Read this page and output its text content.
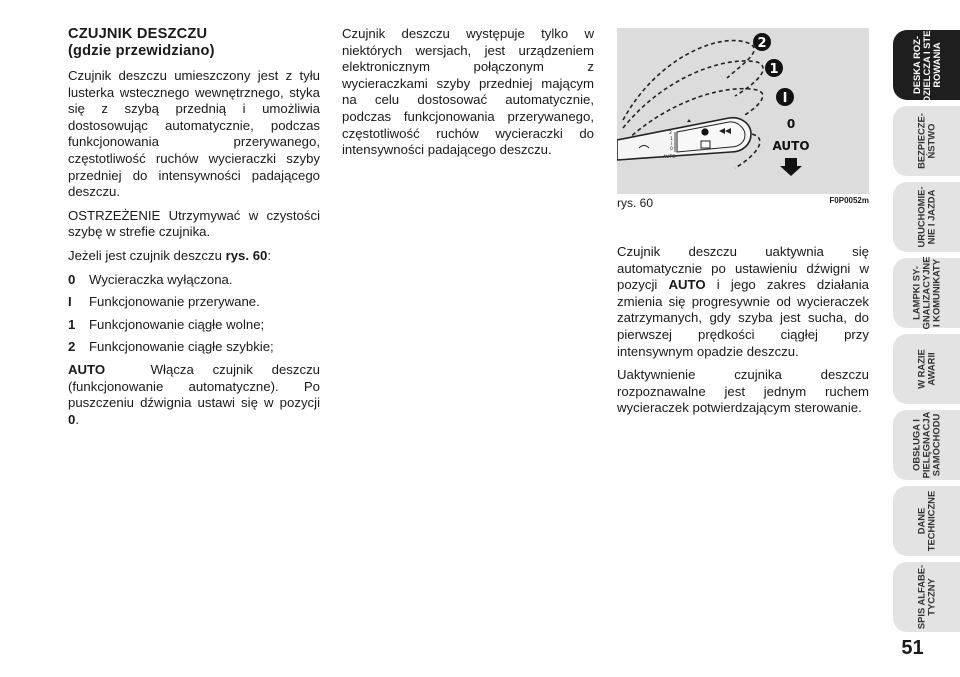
CZUJNIK DESZCZU
(gdzie przewidziano)

Czujnik deszczu umieszczony jest z tyłu lusterka wstecznego wewnętrznego, styka się z szybą przednią i umożliwia dostosowując automatycznie, podczas funkcjonowania przerywanego, częstotliwość ruchów wycieraczki szyby przedniej do intensywności padającego deszczu.

OSTRZEŻENIE Utrzymywać w czystości szybę w strefie czujnika.

Jeżeli jest czujnik deszczu rys. 60:

0	Wycieraczka wyłączona.
I	Funkcjonowanie przerywane.
1	Funkcjonowanie ciągłe wolne;
2	Funkcjonowanie ciągłe szybkie;
AUTO	Włącza czujnik deszczu (funkcjonowanie automatyczne). Po puszczeniu dźwignia ustawi się w pozycji 0.

Czujnik deszczu występuje tylko w niektórych wersjach, jest urządzeniem elektronicznym połączonym z wycieraczkami szyby przedniej mającym na celu dostosować automatycznie, podczas funkcjonowania przerywanego, częstotliwość ruchów wycieraczki do intensywności padającego deszczu.

2
1
I
0
AUTO
2
1
I
0
AUTO
rys. 60	F0P0052m

Czujnik deszczu uaktywnia się automatycznie po ustawieniu dźwigni w pozycji AUTO i jego zakres działania zmienia się progresywnie od wycieraczek zatrzymanych, gdy szyba jest sucha, do pierwszej prędkości ciągłej przy intensywnym opadzie deszczu.

Uaktywnienie czujnika deszczu rozpoznawalne jest jednym ruchem wycieraczek potwierdzającym sterowanie.

DESKA ROZ-
DZIELCZA I STE-
ROWANIA
BEZPIECZE-
ŃSTWO
URUCHOMIE-
NIE I JAZDA
LAMPKI SY-
GNALIZACYJNE
I KOMUNIKATY
W RAZIE
AWARII
OBSŁUGA I
PIELĘGNACJA
SAMOCHODU
DANE
TECHNICZNE
SPIS ALFABE-
TYCZNY
51
